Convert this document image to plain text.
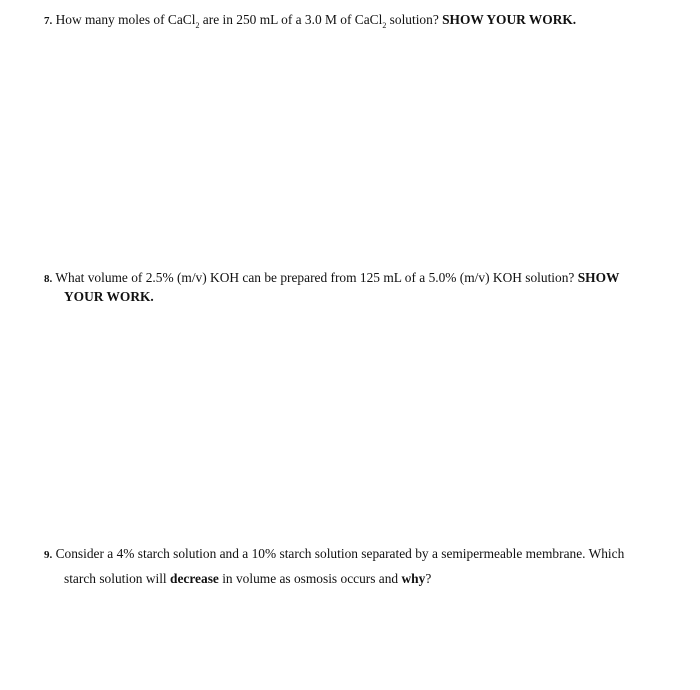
7. How many moles of CaCl$_2$ are in 250 mL of a 3.0 M of CaCl$_2$ solution? SHOW YOUR WORK.
8. What volume of 2.5% (m/v) KOH can be prepared from 125 mL of a 5.0% (m/v) KOH solution? SHOW
YOUR WORK.
9. Consider a 4% starch solution and a 10% starch solution separated by a semipermeable membrane. Which
starch solution will decrease in volume as osmosis occurs and why?
